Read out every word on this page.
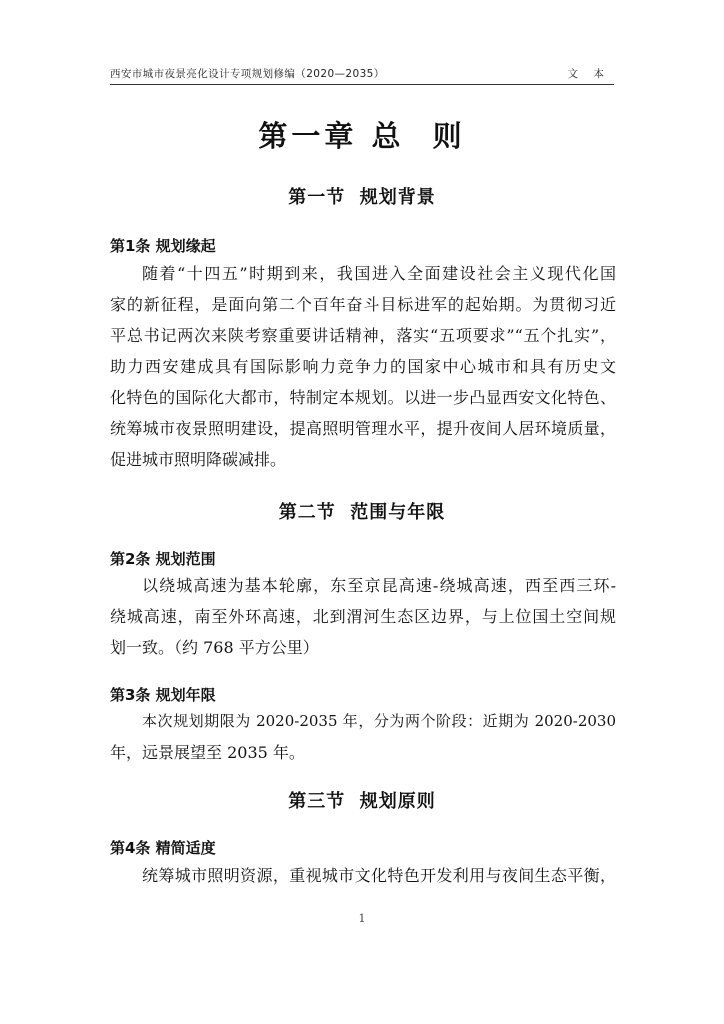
西安市城市夜景亮化设计专项规划修编（2020—2035）	文 本
第一章 总  则
第一节  规划背景
第1条 规划缘起
随着“十四五”时期到来，我国进入全面建设社会主义现代化国
家的新征程，是面向第二个百年奋斗目标进军的起始期。为贯彻习近
平总书记两次来陕考察重要讲话精神，落实“五项要求”“五个扎实”，
助力西安建成具有国际影响力竞争力的国家中心城市和具有历史文
化特色的国际化大都市，特制定本规划。以进一步凸显西安文化特色、
统筹城市夜景照明建设，提高照明管理水平，提升夜间人居环境质量，
促进城市照明降碳减排。
第二节  范围与年限
第2条 规划范围
以绕城高速为基本轮廓，东至京昆高速-绕城高速，西至西三环-
绕城高速，南至外环高速，北到渭河生态区边界，与上位国土空间规
划一致。（约 768 平方公里）
第3条 规划年限
本次规划期限为 2020-2035 年，分为两个阶段：近期为 2020-2030
年，远景展望至 2035 年。
第三节  规划原则
第4条 精简适度
统筹城市照明资源，重视城市文化特色开发利用与夜间生态平衡，
1
